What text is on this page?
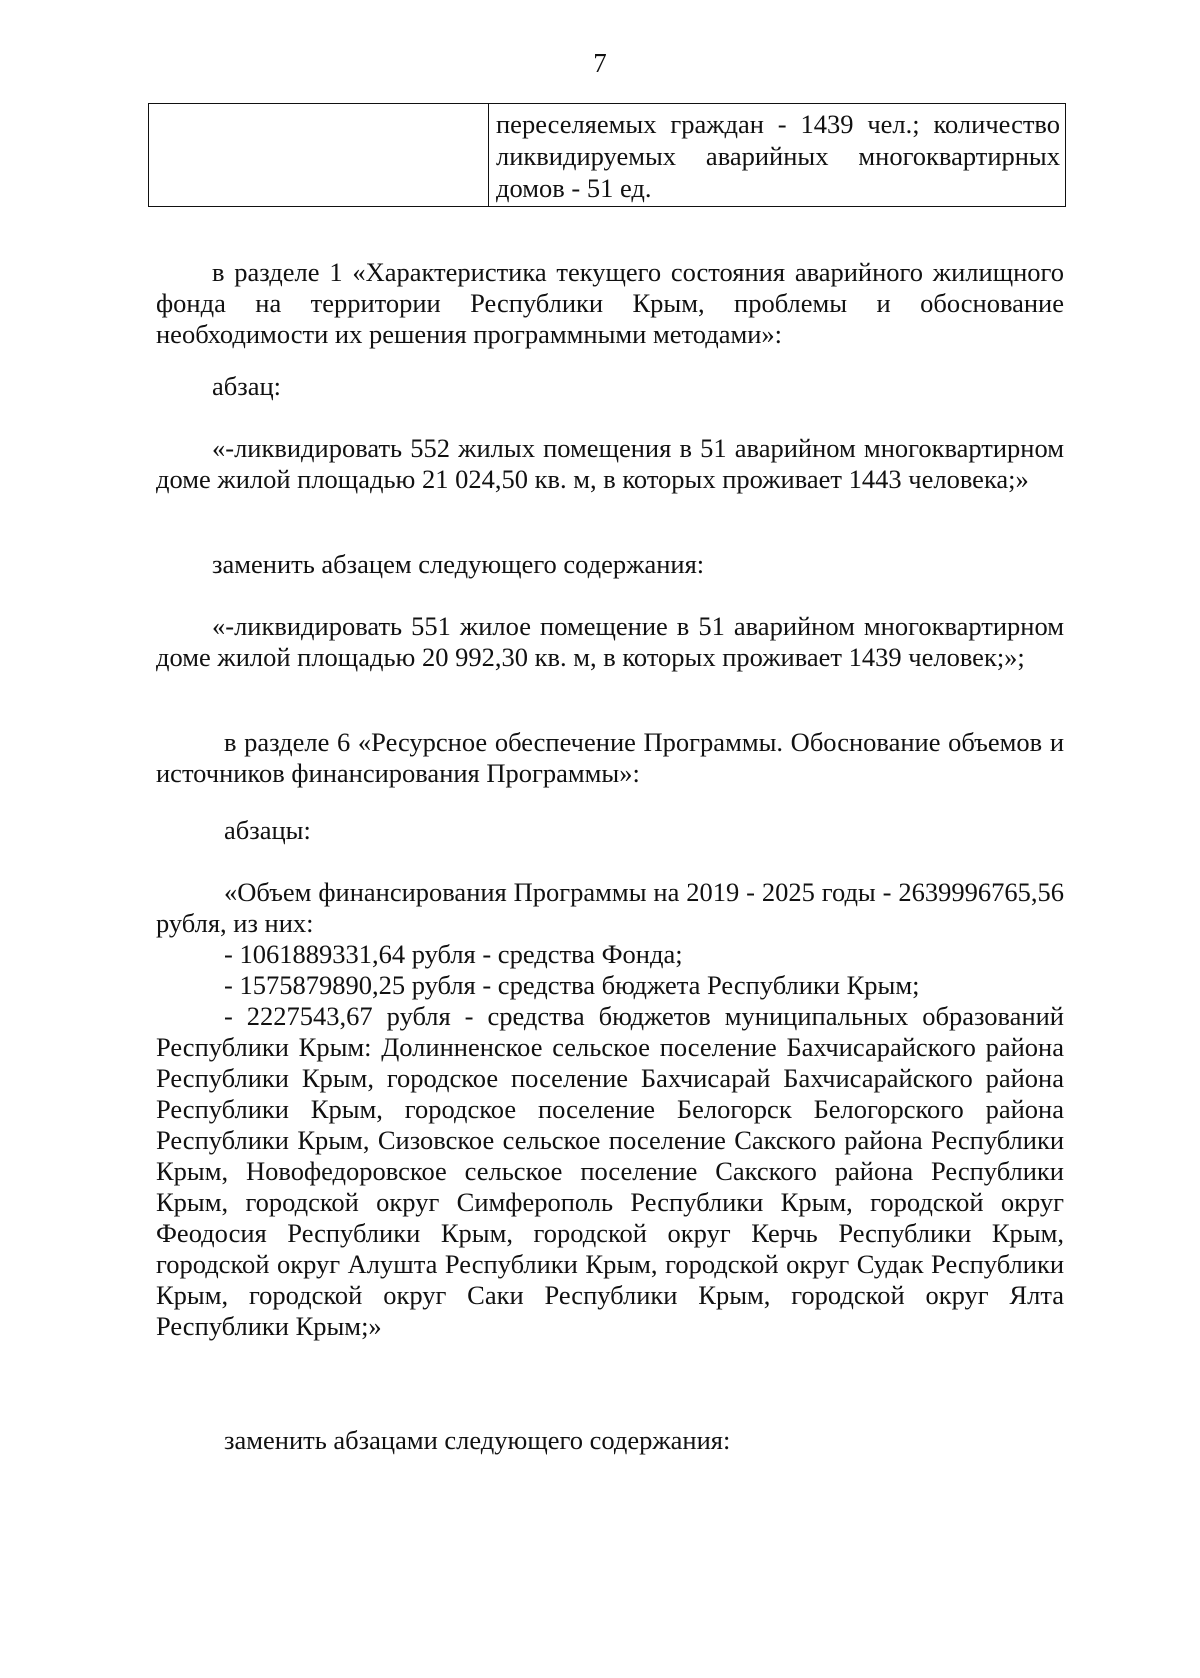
7
	переселяемых граждан - 1439 чел.; количество ликвидируемых аварийных многоквартирных домов - 51 ед.

в разделе 1 «Характеристика текущего состояния аварийного жилищного фонда на территории Республики Крым, проблемы и обоснование необходимости их решения программными методами»:

абзац:

«-ликвидировать 552 жилых помещения в 51 аварийном многоквартирном доме жилой площадью 21 024,50 кв. м, в которых проживает 1443 человека;»

заменить абзацем следующего содержания:

«-ликвидировать 551 жилое помещение в 51 аварийном многоквартирном доме жилой площадью 20 992,30 кв. м, в которых проживает 1439 человек;»;

в разделе 6 «Ресурсное обеспечение Программы. Обоснование объемов и источников финансирования Программы»:

абзацы:

«Объем финансирования Программы на 2019 - 2025 годы - 2639996765,56 рубля, из них:

- 1061889331,64 рубля - средства Фонда;

- 1575879890,25 рубля - средства бюджета Республики Крым;

- 2227543,67 рубля - средства бюджетов муниципальных образований Республики Крым: Долинненское сельское поселение Бахчисарайского района Республики Крым, городское поселение Бахчисарай Бахчисарайского района Республики Крым, городское поселение Белогорск Белогорского района Республики Крым, Сизовское сельское поселение Сакского района Республики Крым, Новофедоровское сельское поселение Сакского района Республики Крым, городской округ Симферополь Республики Крым, городской округ Феодосия Республики Крым, городской округ Керчь Республики Крым, городской округ Алушта Республики Крым, городской округ Судак Республики Крым, городской округ Саки Республики Крым, городской округ Ялта Республики Крым;»

заменить абзацами следующего содержания:
